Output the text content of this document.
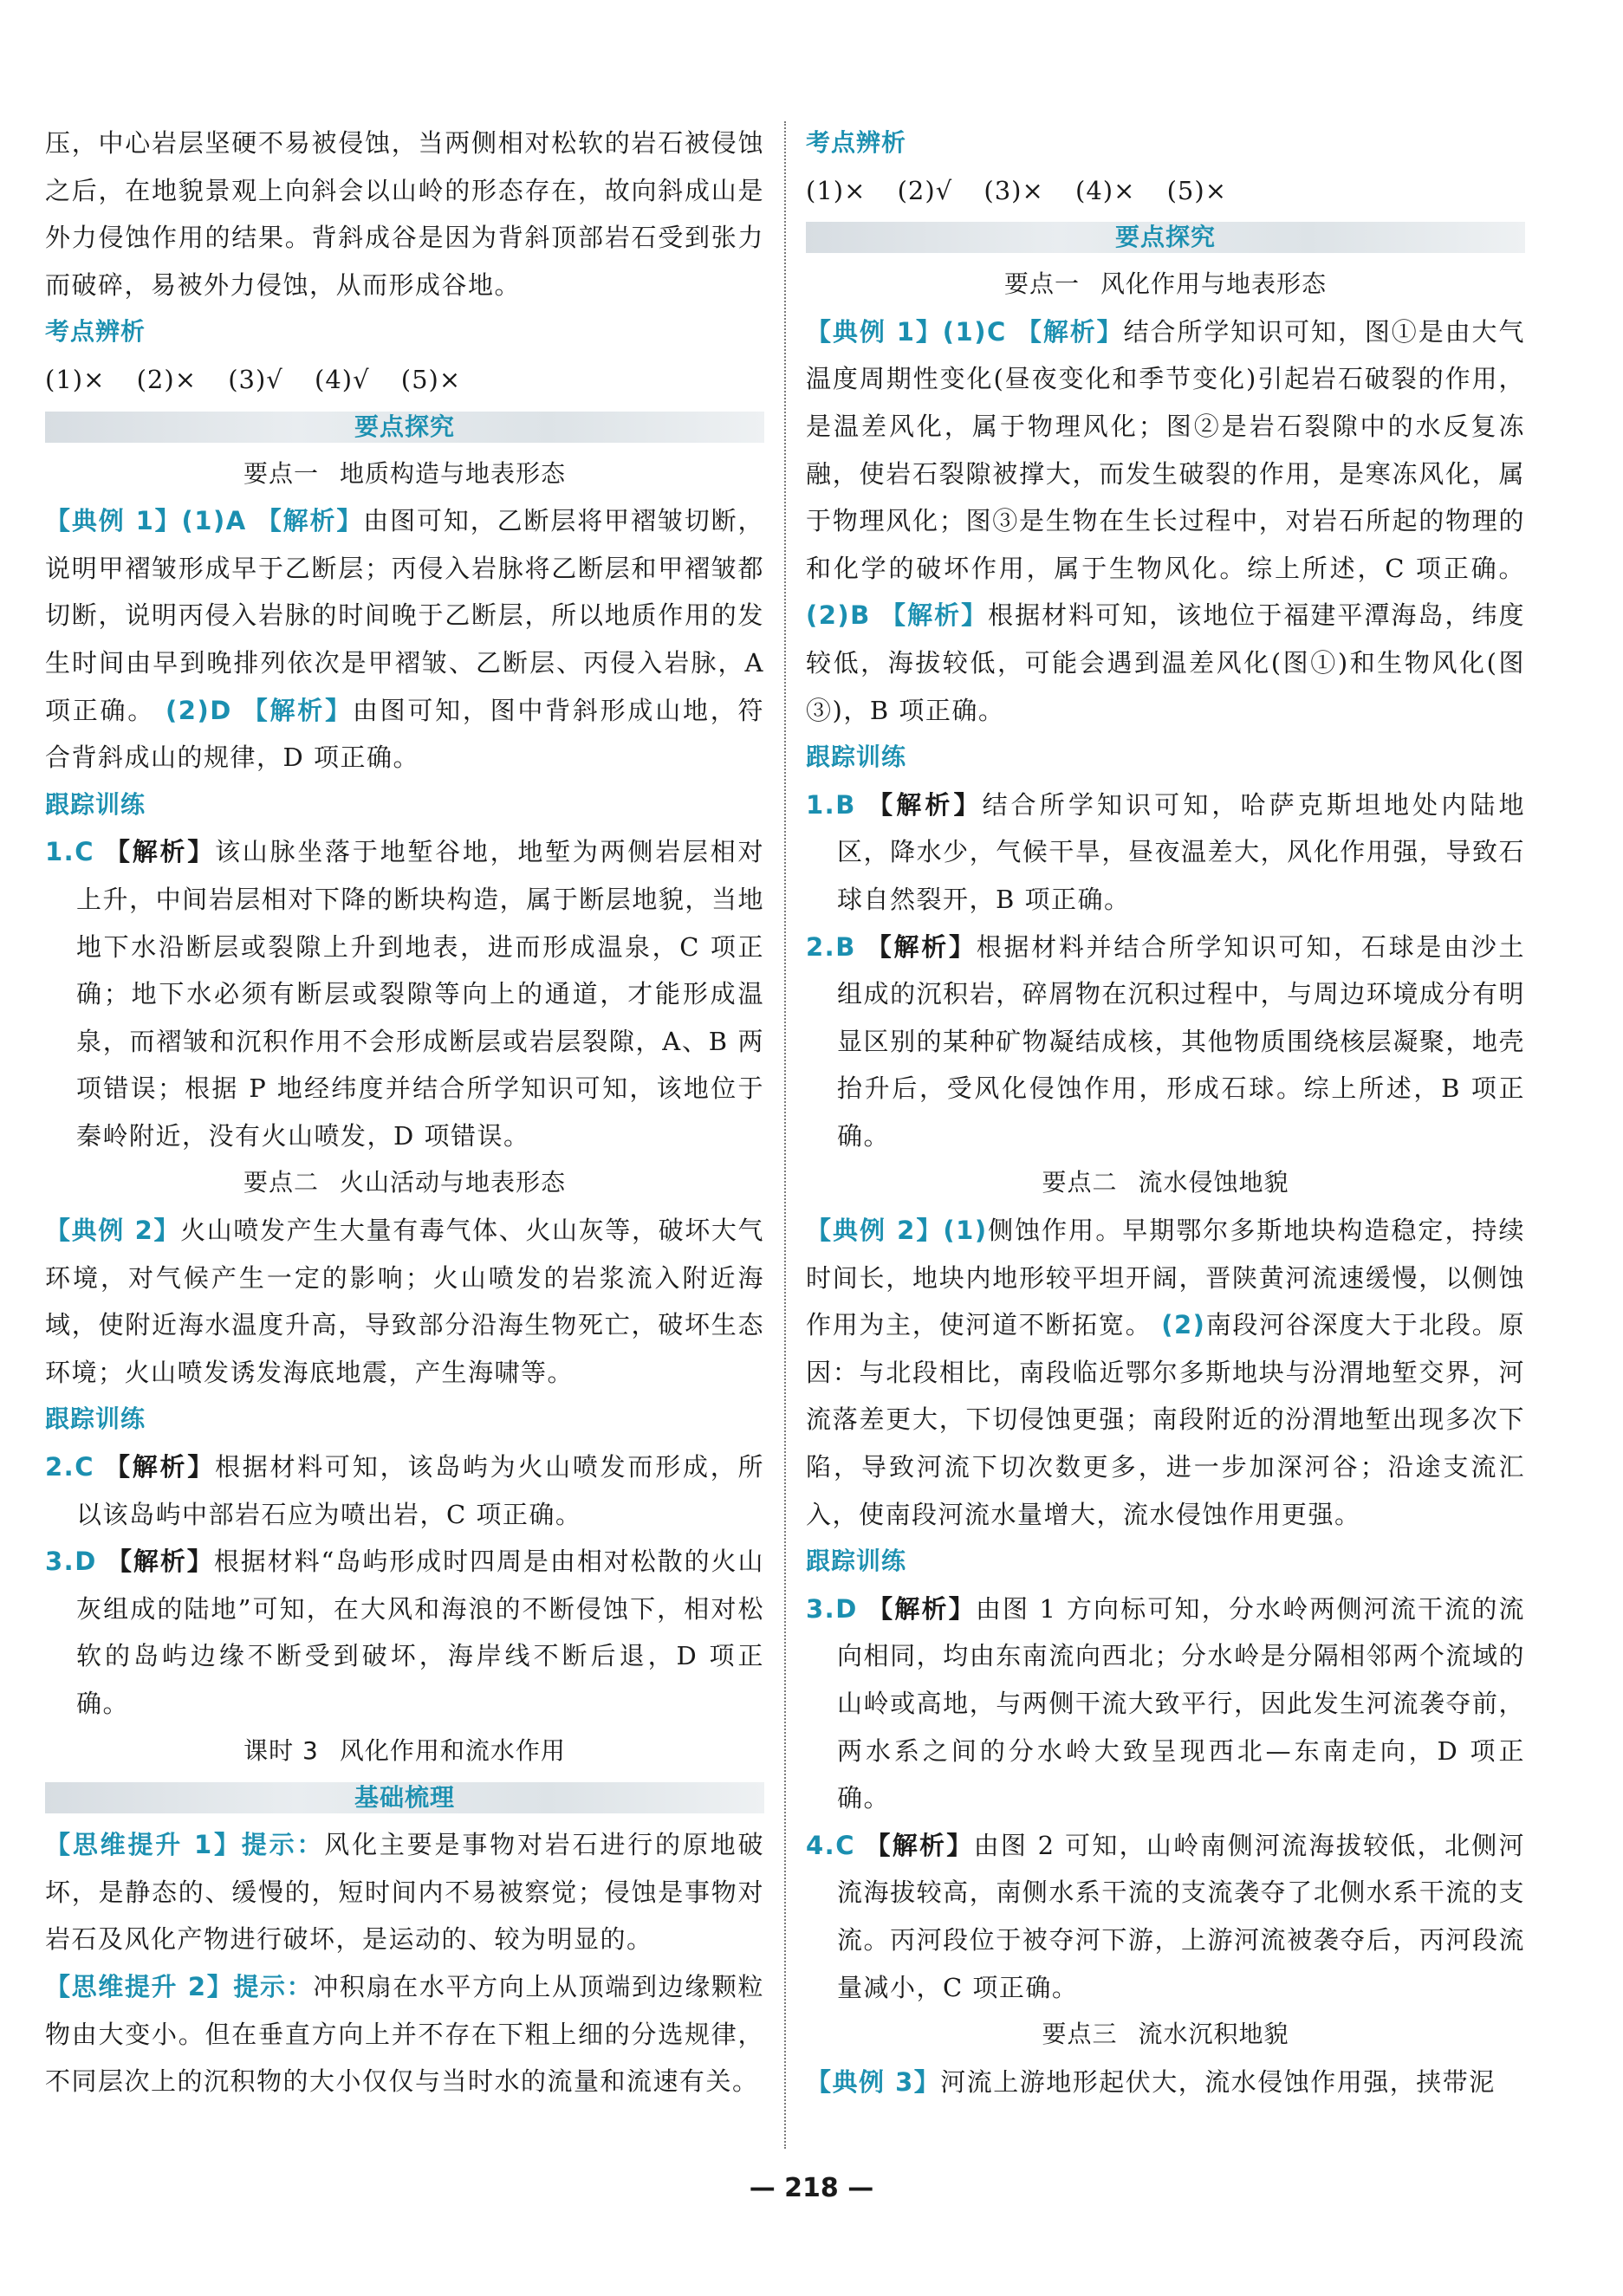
压，中心岩层坚硬不易被侵蚀，当两侧相对松软的岩石被侵蚀之后，在地貌景观上向斜会以山岭的形态存在，故向斜成山是外力侵蚀作用的结果。背斜成谷是因为背斜顶部岩石受到张力而破碎，易被外力侵蚀，从而形成谷地。

考点辨析

(1)× (2)× (3)√ (4)√ (5)×

要点探究

要点一 地质构造与地表形态

【典例 1】(1)A 【解析】由图可知，乙断层将甲褶皱切断，说明甲褶皱形成早于乙断层；丙侵入岩脉将乙断层和甲褶皱都切断，说明丙侵入岩脉的时间晚于乙断层，所以地质作用的发生时间由早到晚排列依次是甲褶皱、乙断层、丙侵入岩脉，A 项正确。 (2)D 【解析】由图可知，图中背斜形成山地，符合背斜成山的规律，D 项正确。

跟踪训练

1.C 【解析】该山脉坐落于地堑谷地，地堑为两侧岩层相对上升，中间岩层相对下降的断块构造，属于断层地貌，当地地下水沿断层或裂隙上升到地表，进而形成温泉，C 项正确；地下水必须有断层或裂隙等向上的通道，才能形成温泉，而褶皱和沉积作用不会形成断层或岩层裂隙，A、B 两项错误；根据 P 地经纬度并结合所学知识可知，该地位于秦岭附近，没有火山喷发，D 项错误。

要点二 火山活动与地表形态

【典例 2】火山喷发产生大量有毒气体、火山灰等，破坏大气环境，对气候产生一定的影响；火山喷发的岩浆流入附近海域，使附近海水温度升高，导致部分沿海生物死亡，破坏生态环境；火山喷发诱发海底地震，产生海啸等。

跟踪训练

2.C 【解析】根据材料可知，该岛屿为火山喷发而形成，所以该岛屿中部岩石应为喷出岩，C 项正确。

3.D 【解析】根据材料“岛屿形成时四周是由相对松散的火山灰组成的陆地”可知，在大风和海浪的不断侵蚀下，相对松软的岛屿边缘不断受到破坏，海岸线不断后退，D 项正确。

课时 3 风化作用和流水作用

基础梳理

【思维提升 1】提示：风化主要是事物对岩石进行的原地破坏，是静态的、缓慢的，短时间内不易被察觉；侵蚀是事物对岩石及风化产物进行破坏，是运动的、较为明显的。

【思维提升 2】提示：冲积扇在水平方向上从顶端到边缘颗粒物由大变小。但在垂直方向上并不存在下粗上细的分选规律，不同层次上的沉积物的大小仅仅与当时水的流量和流速有关。

考点辨析

(1)× (2)√ (3)× (4)× (5)×

要点探究

要点一 风化作用与地表形态

【典例 1】(1)C 【解析】结合所学知识可知，图①是由大气温度周期性变化(昼夜变化和季节变化)引起岩石破裂的作用，是温差风化，属于物理风化；图②是岩石裂隙中的水反复冻融，使岩石裂隙被撑大，而发生破裂的作用，是寒冻风化，属于物理风化；图③是生物在生长过程中，对岩石所起的物理的和化学的破坏作用，属于生物风化。综上所述，C 项正确。 (2)B 【解析】根据材料可知，该地位于福建平潭海岛，纬度较低，海拔较低，可能会遇到温差风化(图①)和生物风化(图③)，B 项正确。

跟踪训练

1.B 【解析】结合所学知识可知，哈萨克斯坦地处内陆地区，降水少，气候干旱，昼夜温差大，风化作用强，导致石球自然裂开，B 项正确。

2.B 【解析】根据材料并结合所学知识可知，石球是由沙土组成的沉积岩，碎屑物在沉积过程中，与周边环境成分有明显区别的某种矿物凝结成核，其他物质围绕核层凝聚，地壳抬升后，受风化侵蚀作用，形成石球。综上所述，B 项正确。

要点二 流水侵蚀地貌

【典例 2】(1)侧蚀作用。早期鄂尔多斯地块构造稳定，持续时间长，地块内地形较平坦开阔，晋陕黄河流速缓慢，以侧蚀作用为主，使河道不断拓宽。 (2)南段河谷深度大于北段。原因：与北段相比，南段临近鄂尔多斯地块与汾渭地堑交界，河流落差更大，下切侵蚀更强；南段附近的汾渭地堑出现多次下陷，导致河流下切次数更多，进一步加深河谷；沿途支流汇入，使南段河流水量增大，流水侵蚀作用更强。

跟踪训练

3.D 【解析】由图 1 方向标可知，分水岭两侧河流干流的流向相同，均由东南流向西北；分水岭是分隔相邻两个流域的山岭或高地，与两侧干流大致平行，因此发生河流袭夺前，两水系之间的分水岭大致呈现西北—东南走向，D 项正确。

4.C 【解析】由图 2 可知，山岭南侧河流海拔较低，北侧河流海拔较高，南侧水系干流的支流袭夺了北侧水系干流的支流。丙河段位于被夺河下游，上游河流被袭夺后，丙河段流量减小，C 项正确。

要点三 流水沉积地貌

【典例 3】河流上游地形起伏大，流水侵蚀作用强，挟带泥

— 218 —
